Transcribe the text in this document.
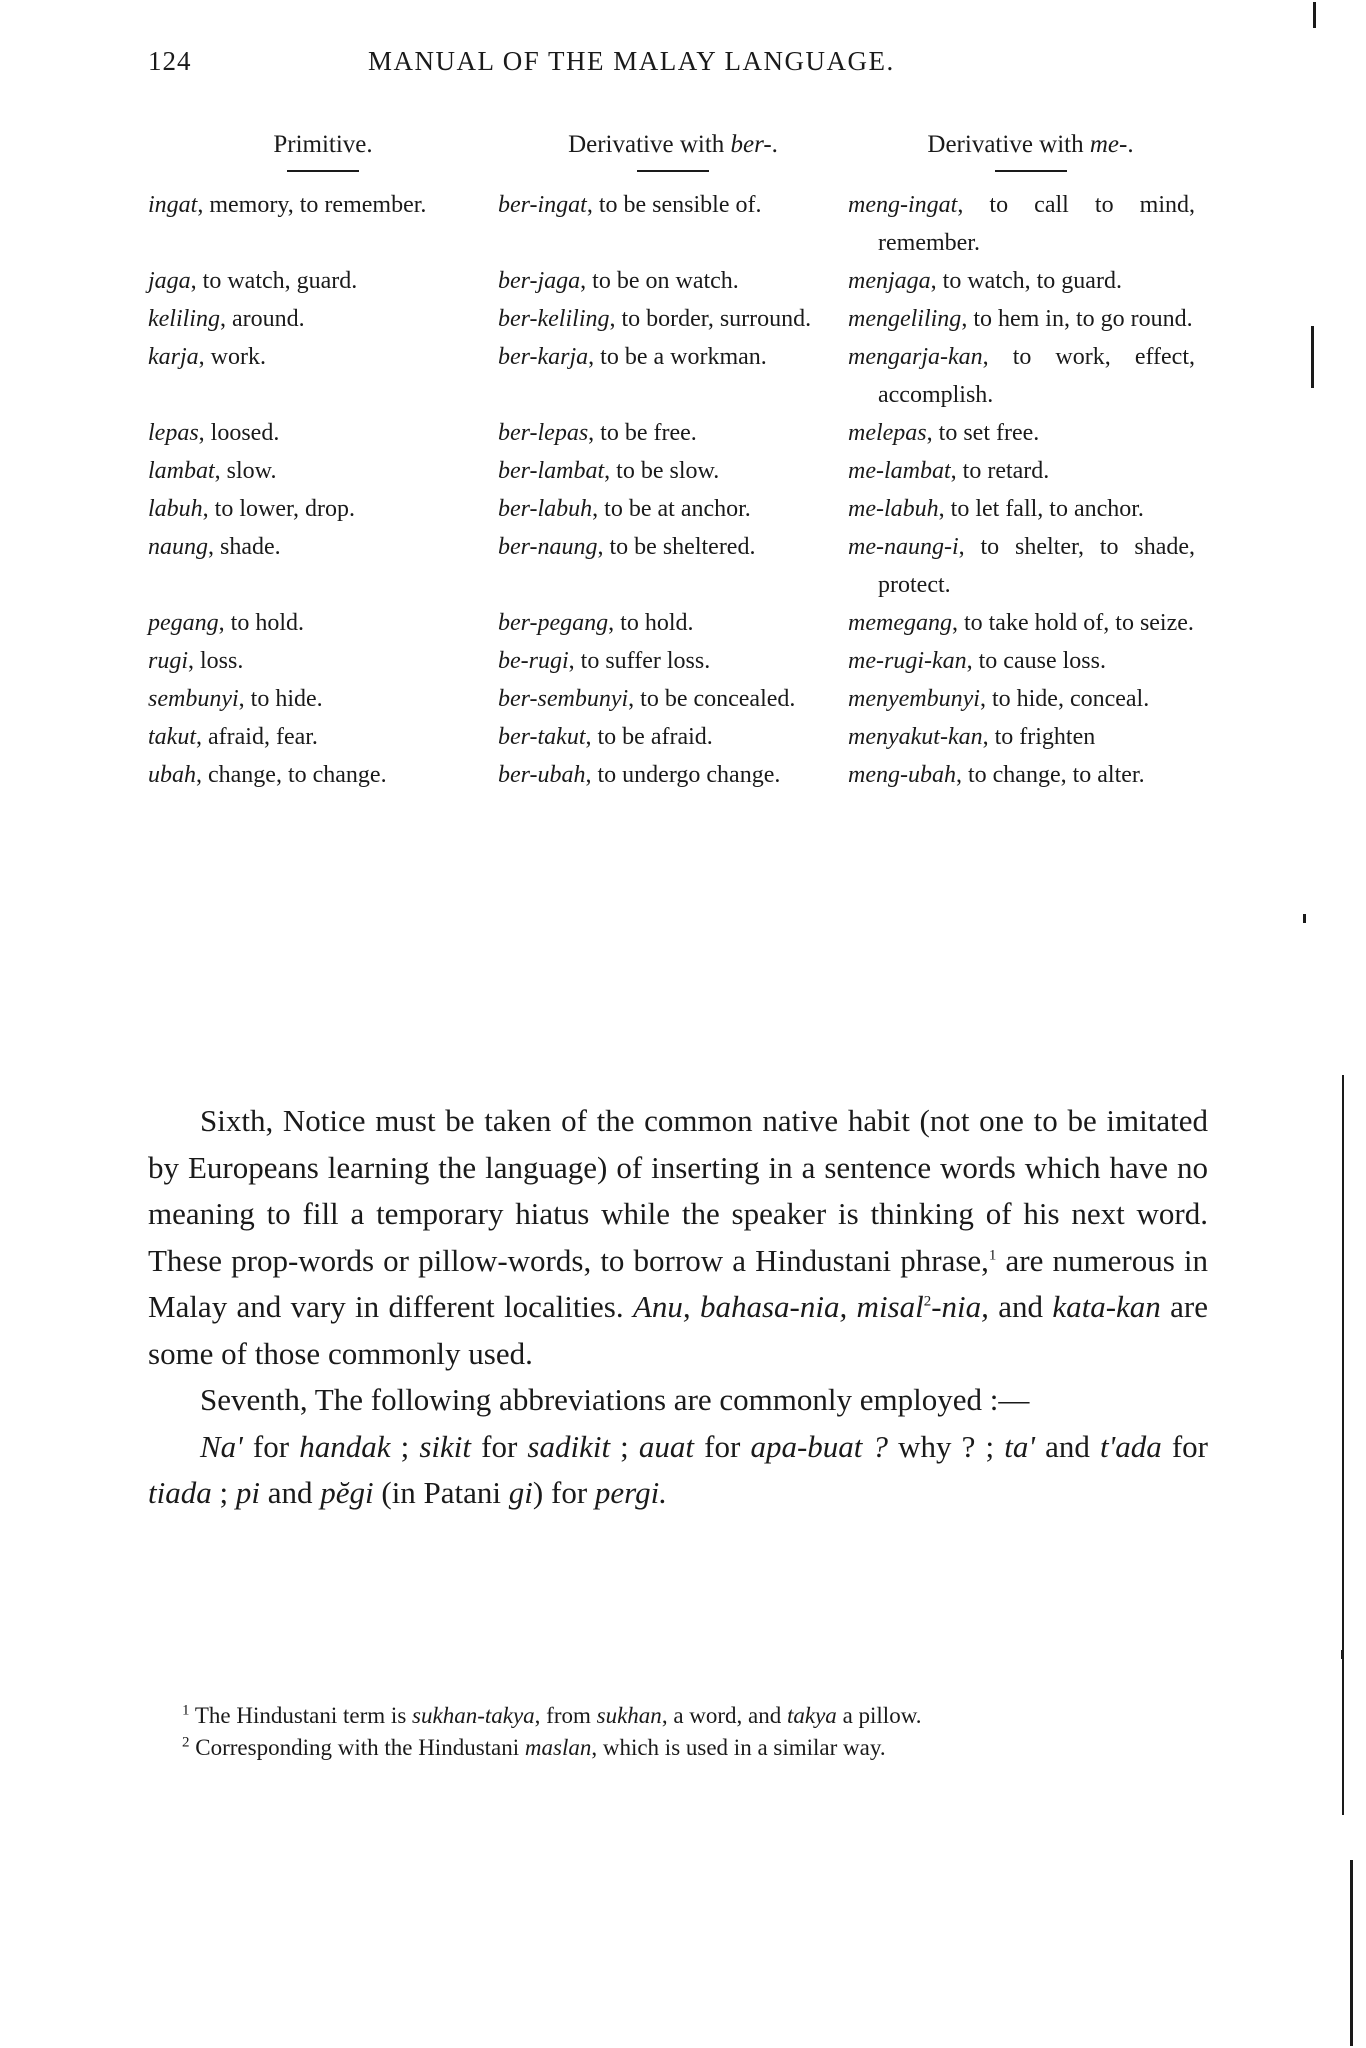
124	MANUAL OF THE MALAY LANGUAGE.
Primitive.	Derivative with ber-.	Derivative with me-.

ingat, memory, to remember.	ber-ingat, to be sensible of.	meng-ingat, to call to mind, remember.

jaga, to watch, guard.	ber-jaga, to be on watch.	menjaga, to watch, to guard.

keliling, around.	ber-keliling, to border, surround.	mengeliling, to hem in, to go round.

karja, work.	ber-karja, to be a workman.	mengarja-kan, to work, effect, accomplish.

lepas, loosed.	ber-lepas, to be free.	melepas, to set free.

lambat, slow.	ber-lambat, to be slow.	me-lambat, to retard.

labuh, to lower, drop.	ber-labuh, to be at anchor.	me-labuh, to let fall, to anchor.

naung, shade.	ber-naung, to be sheltered.	me-naung-i, to shelter, to shade, protect.

pegang, to hold.	ber-pegang, to hold.	memegang, to take hold of, to seize.

rugi, loss.	be-rugi, to suffer loss.	me-rugi-kan, to cause loss.

sembunyi, to hide.	ber-sembunyi, to be concealed.	menyembunyi, to hide, conceal.

takut, afraid, fear.	ber-takut, to be afraid.	menyakut-kan, to frighten

ubah, change, to change.	ber-ubah, to undergo change.	meng-ubah, to change, to alter.

Sixth, Notice must be taken of the common native habit (not one to be imitated by Europeans learning the language) of inserting in a sentence words which have no meaning to fill a temporary hiatus while the speaker is thinking of his next word. These prop-words or pillow-words, to borrow a Hindustani phrase,$^1$ are numerous in Malay and vary in different localities. Anu, bahasa-nia, misal$^2$-nia, and kata-kan are some of those commonly used.

Seventh, The following abbreviations are commonly employed :—

Na' for handak ; sikit for sadikit ; auat for apa-buat ? why ? ; ta' and t'ada for tiada ; pi and pĕgi (in Patani gi) for pergi.

$^1$ The Hindustani term is sukhan-takya, from sukhan, a word, and takya a pillow.

$^2$ Corresponding with the Hindustani maslan, which is used in a similar way.
